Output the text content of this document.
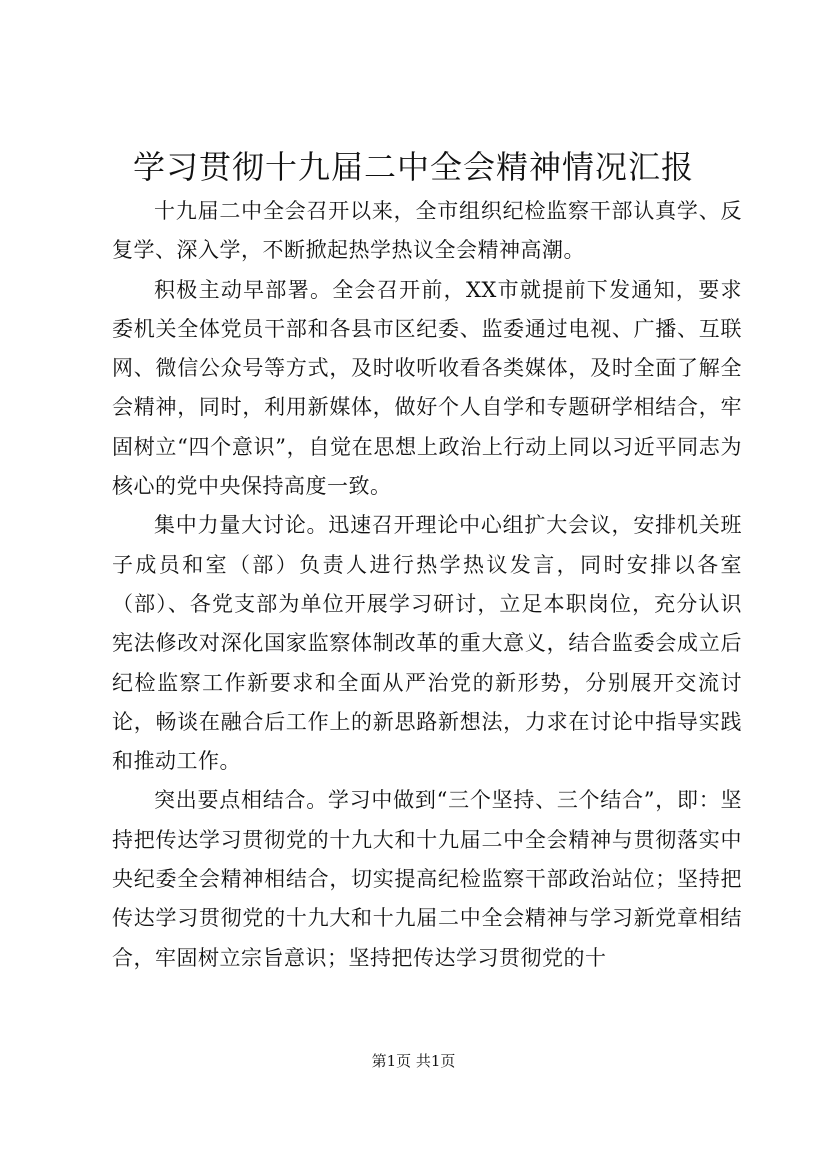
学习贯彻十九届二中全会精神情况汇报

十九届二中全会召开以来，全市组织纪检监察干部认真学、反复学、深入学，不断掀起热学热议全会精神高潮。

积极主动早部署。全会召开前，XX市就提前下发通知，要求委机关全体党员干部和各县市区纪委、监委通过电视、广播、互联网、微信公众号等方式，及时收听收看各类媒体，及时全面了解全会精神，同时，利用新媒体，做好个人自学和专题研学相结合，牢固树立“四个意识”，自觉在思想上政治上行动上同以习近平同志为核心的党中央保持高度一致。

集中力量大讨论。迅速召开理论中心组扩大会议，安排机关班子成员和室（部）负责人进行热学热议发言，同时安排以各室（部）、各党支部为单位开展学习研讨，立足本职岗位，充分认识宪法修改对深化国家监察体制改革的重大意义，结合监委会成立后纪检监察工作新要求和全面从严治党的新形势，分别展开交流讨论，畅谈在融合后工作上的新思路新想法，力求在讨论中指导实践和推动工作。

突出要点相结合。学习中做到“三个坚持、三个结合”，即：坚持把传达学习贯彻党的十九大和十九届二中全会精神与贯彻落实中央纪委全会精神相结合，切实提高纪检监察干部政治站位；坚持把传达学习贯彻党的十九大和十九届二中全会精神与学习新党章相结合，牢固树立宗旨意识；坚持把传达学习贯彻党的十

第1页 共1页
